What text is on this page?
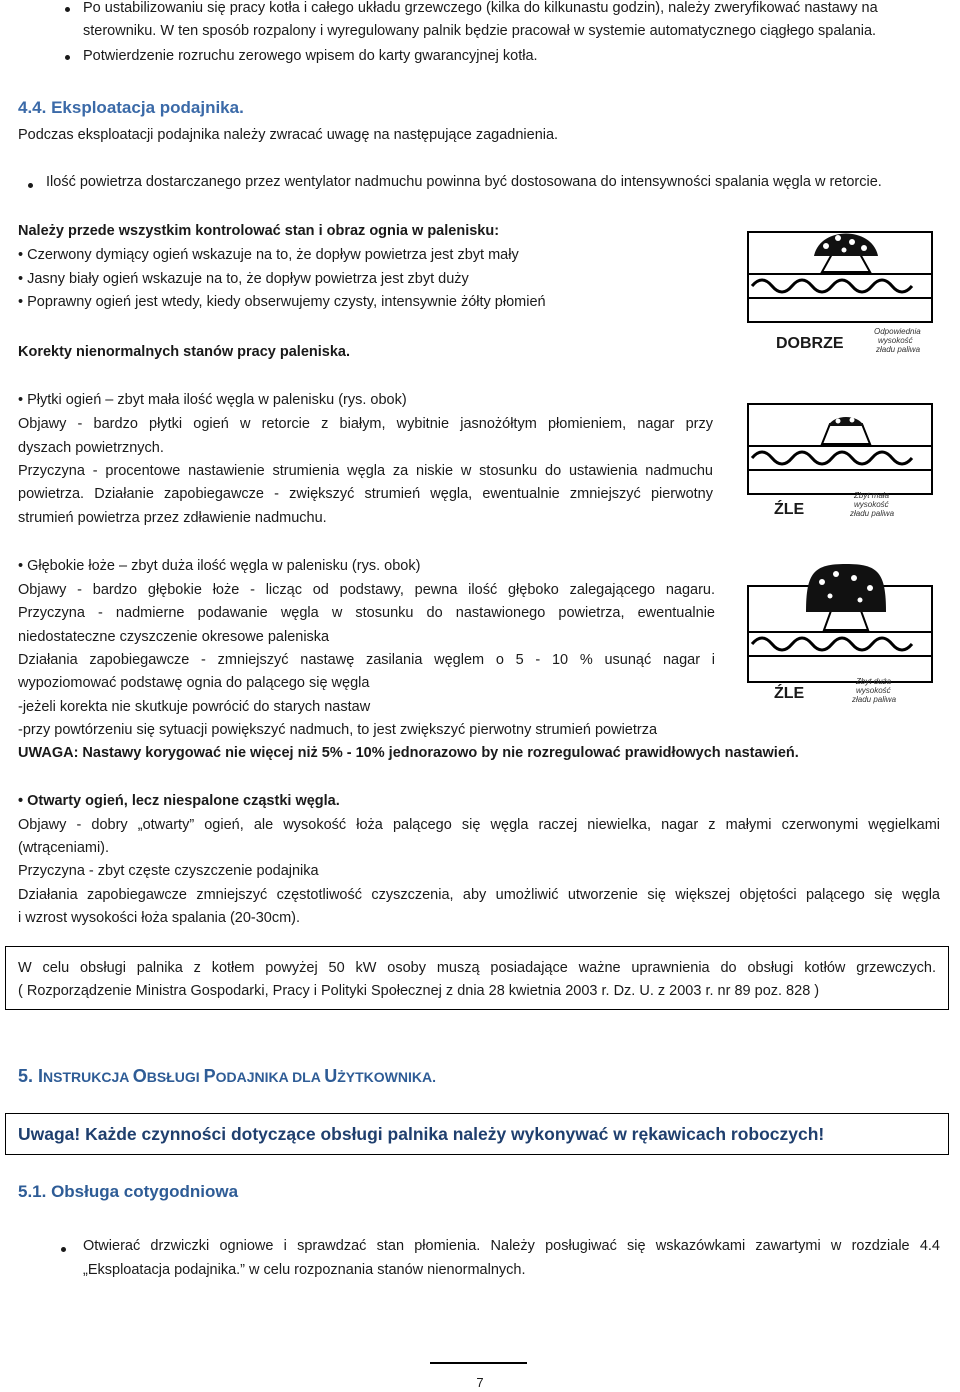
Po ustabilizowaniu się pracy kotła i całego układu grzewczego (kilka do kilkunastu godzin), należy zweryfikować nastawy na
sterowniku. W ten sposób rozpalony i wyregulowany palnik będzie pracował w systemie automatycznego ciągłego spalania.
Potwierdzenie rozruchu zerowego wpisem do karty gwarancyjnej kotła.
4.4. Eksploatacja podajnika.
Podczas eksploatacji podajnika należy zwracać uwagę na następujące zagadnienia.
Ilość powietrza dostarczanego przez wentylator nadmuchu powinna być dostosowana do intensywności spalania węgla w retorcie.
Należy przede wszystkim kontrolować stan i obraz ognia w palenisku:
• Czerwony dymiący ogień wskazuje na to, że dopływ powietrza jest zbyt mały
• Jasny biały ogień wskazuje na to, że dopływ powietrza jest zbyt duży
• Poprawny ogień jest wtedy, kiedy obserwujemy czysty, intensywnie żółty płomień
Korekty nienormalnych stanów pracy paleniska.
• Płytki ogień – zbyt mała ilość węgla w palenisku (rys. obok)
Objawy - bardzo płytki ogień w retorcie z białym, wybitnie jasnożółtym płomieniem, nagar przy
dyszach powietrznych.
Przyczyna - procentowe nastawienie strumienia węgla za niskie w stosunku do ustawienia nadmuchu
powietrza. Działanie zapobiegawcze - zwiększyć strumień węgla, ewentualnie zmniejszyć pierwotny
strumień powietrza przez zdławienie nadmuchu.
• Głębokie łoże – zbyt duża ilość węgla w palenisku (rys. obok)
Objawy - bardzo głębokie łoże - licząc od podstawy, pewna ilość głęboko zalegającego nagaru.
Przyczyna - nadmierne podawanie węgla w stosunku do nastawionego powietrza, ewentualnie
niedostateczne czyszczenie okresowe paleniska
Działania zapobiegawcze - zmniejszyć nastawę zasilania węglem o 5 - 10 % usunąć nagar i
wypoziomować podstawę ognia do palącego się węgla
-jeżeli korekta nie skutkuje powrócić do starych nastaw
-przy powtórzeniu się sytuacji powiększyć nadmuch, to jest zwiększyć pierwotny strumień powietrza
UWAGA: Nastawy korygować nie więcej niż 5% - 10% jednorazowo by nie rozregulować prawidłowych nastawień.
• Otwarty ogień, lecz niespalone cząstki węgla.
Objawy - dobry „otwarty” ogień, ale wysokość łoża palącego się węgla raczej niewielka, nagar z małymi czerwonymi węgielkami
(wtrąceniami).
Przyczyna - zbyt częste czyszczenie podajnika
Działania zapobiegawcze zmniejszyć częstotliwość czyszczenia, aby umożliwić utworzenie się większej objętości palącego się węgla
i wzrost wysokości łoża spalania (20-30cm).
DOBRZE
Odpowiednia
wysokość
zładu paliwa
ŹLE
Zbyt mała
wysokość
zładu paliwa
ŹLE
Zbyt duża
wysokość
zładu paliwa
W celu obsługi palnika z kotłem powyżej 50 kW osoby muszą posiadające ważne uprawnienia do obsługi kotłów grzewczych.
( Rozporządzenie Ministra Gospodarki, Pracy i Polityki Społecznej z dnia 28 kwietnia 2003 r. Dz. U. z 2003 r. nr 89 poz. 828 )
5. INSTRUKCJA OBSŁUGI PODAJNIKA DLA UŻYTKOWNIKA.
Uwaga! Każde czynności dotyczące obsługi palnika należy wykonywać w rękawicach roboczych!
5.1. Obsługa cotygodniowa
Otwierać drzwiczki ogniowe i sprawdzać stan płomienia. Należy posługiwać się wskazówkami zawartymi w rozdziale 4.4
„Eksploatacja podajnika.” w celu rozpoznania stanów nienormalnych.
7
